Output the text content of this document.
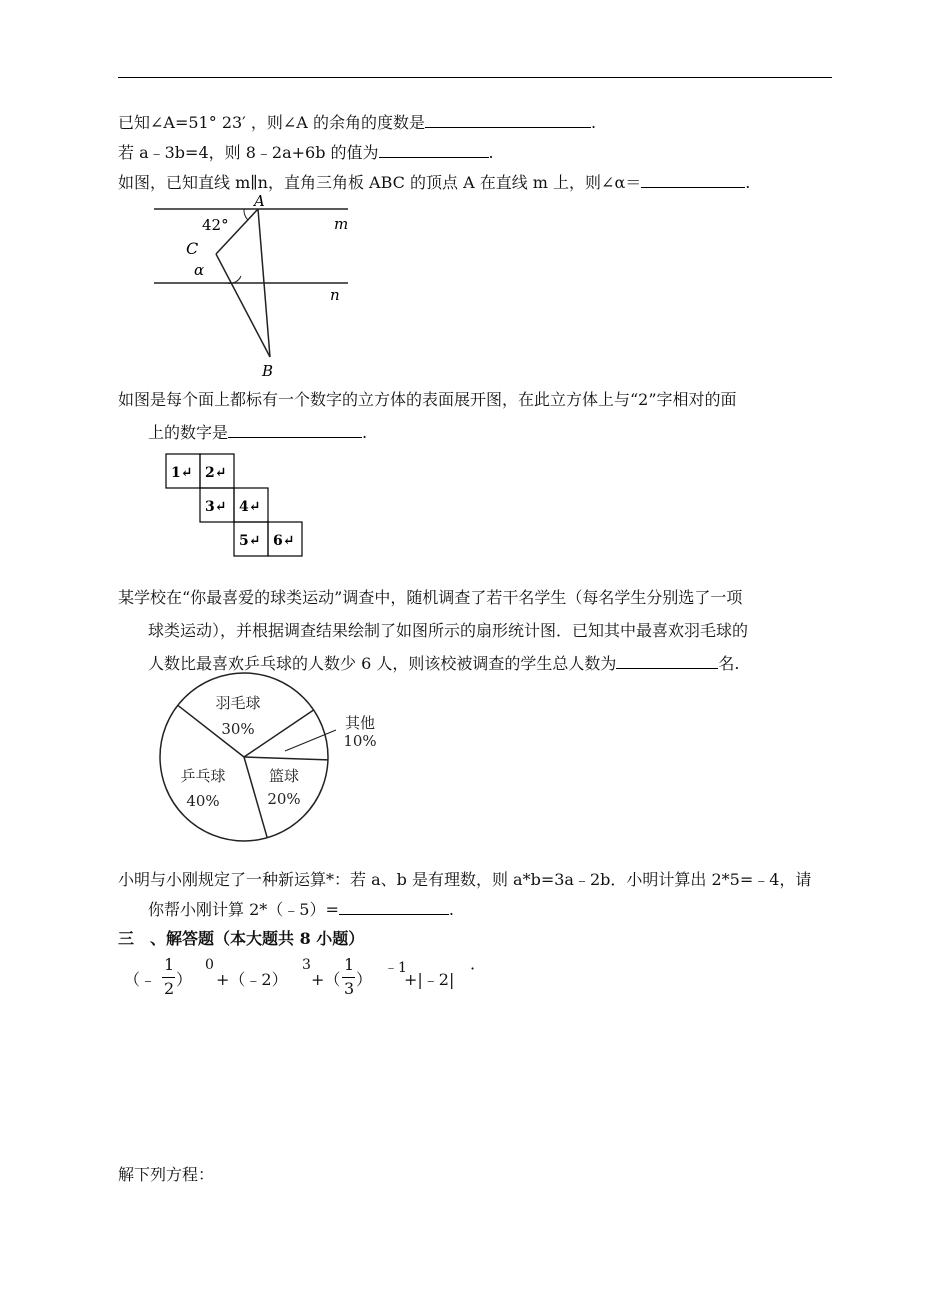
已知∠A=51° 23′ ，则∠A 的余角的度数是	.
若 a﹣3b=4，则 8﹣2a+6b 的值为	.
如图，已知直线 m∥n，直角三角板 ABC 的顶点 A 在直线 m 上，则∠α＝	.
A
C
B
m
n
42°
α
如图是每个面上都标有一个数字的立方体的表面展开图，在此立方体上与“2”字相对的面
上的数字是	.
1↵ 2↵
3↵ 4↵
5↵ 6↵
某学校在“你最喜爱的球类运动”调查中，随机调查了若干名学生（每名学生分别选了一项
球类运动），并根据调查结果绘制了如图所示的扇形统计图．已知其中最喜欢羽毛球的
人数比最喜欢乒乓球的人数少 6 人，则该校被调查的学生总人数为	名.
羽毛球
30%	其他
10%
篮球
20%
乒乓球
40%
小明与小刚规定了一种新运算*：若 a、b 是有理数，则 a*b=3a﹣2b．小明计算出 2*5=﹣4，请
你帮小刚计算 2*（﹣5）=	.
三　、解答题（本大题共 8 小题）
（﹣
1
2 ）
0
+（﹣2）
3
+（
1
3 ）
﹣1
+|﹣2|
·
解下列方程：
